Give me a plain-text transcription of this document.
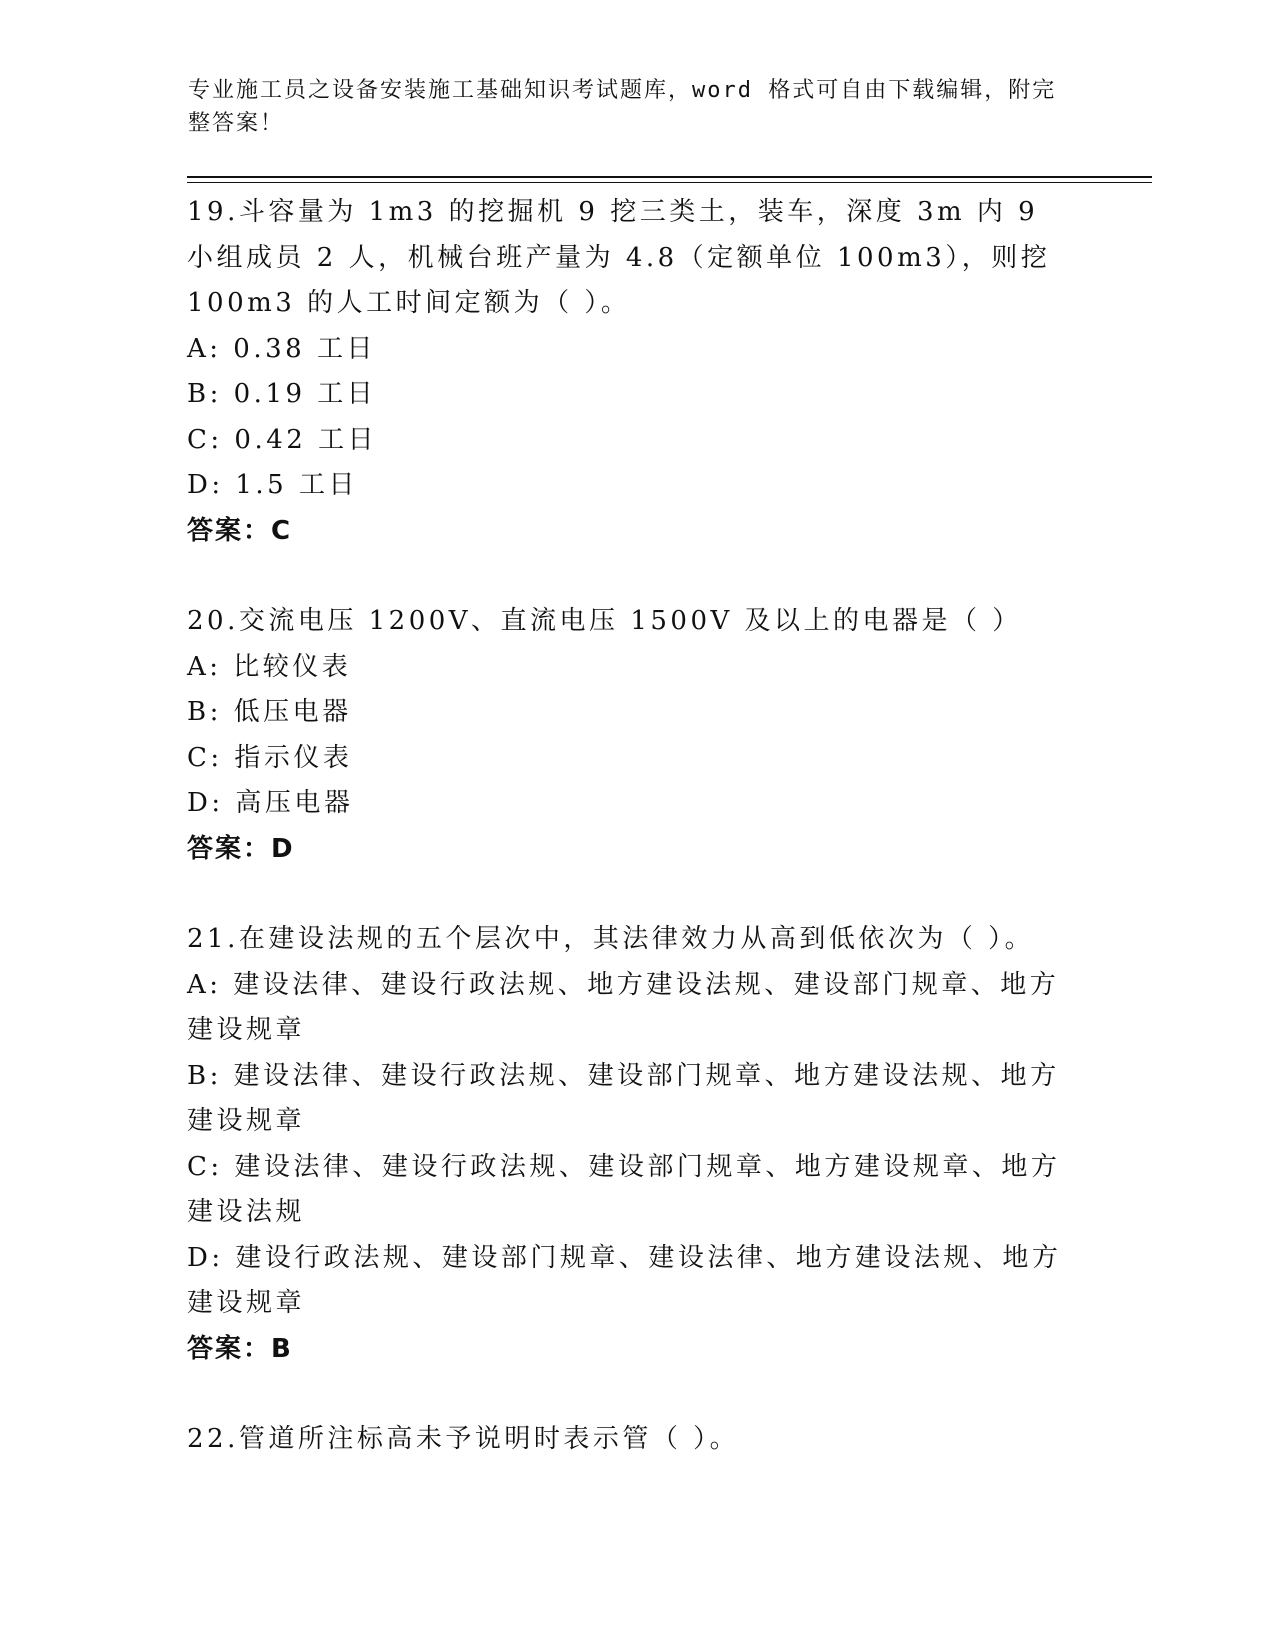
专业施工员之设备安装施工基础知识考试题库，word 格式可自由下载编辑，附完
整答案！

19.斗容量为 1m3 的挖掘机 9 挖三类土，装车，深度 3m 内 9 小组成员 2 人，机械台班产量为 4.8（定额单位 100m3），则挖 100m3 的人工时间定额为（ ）。

A: 0.38 工日

B: 0.19 工日

C: 0.42 工日

D: 1.5 工日

答案：C

20.交流电压 1200V、直流电压 1500V 及以上的电器是（ ）

A: 比较仪表

B: 低压电器

C: 指示仪表

D: 高压电器

答案：D

21.在建设法规的五个层次中，其法律效力从高到低依次为（ ）。

A: 建设法律、建设行政法规、地方建设法规、建设部门规章、地方建设规章

B: 建设法律、建设行政法规、建设部门规章、地方建设法规、地方建设规章

C: 建设法律、建设行政法规、建设部门规章、地方建设规章、地方建设法规

D: 建设行政法规、建设部门规章、建设法律、地方建设法规、地方建设规章

答案：B

22.管道所注标高未予说明时表示管（ ）。
